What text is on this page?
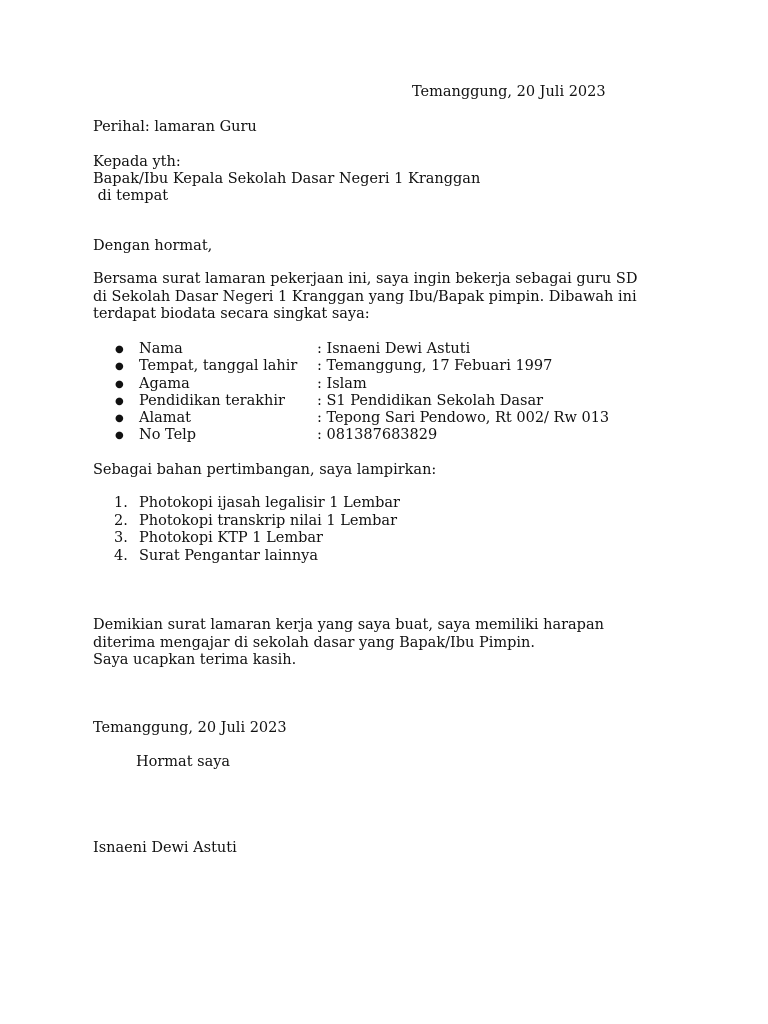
Temanggung, 20 Juli 2023
Perihal: lamaran Guru
Kepada yth:
Bapak/Ibu Kepala Sekolah Dasar Negeri 1 Kranggan
di tempat
Dengan hormat,
Bersama surat lamaran pekerjaan ini, saya ingin bekerja sebagai guru SD
di Sekolah Dasar Negeri 1 Kranggan yang Ibu/Bapak pimpin. Dibawah ini
terdapat biodata secara singkat saya:
● Nama	: Isnaeni Dewi Astuti
● Tempat, tanggal lahir : Temanggung, 17 Febuari 1997
● Agama	: Islam
● Pendidikan terakhir : S1 Pendidikan Sekolah Dasar
● Alamat	: Tepong Sari Pendowo, Rt 002/ Rw 013
● No Telp	: 081387683829
Sebagai bahan pertimbangan, saya lampirkan:
1. Photokopi ijasah legalisir 1 Lembar
2. Photokopi transkrip nilai 1 Lembar
3. Photokopi KTP 1 Lembar
4. Surat Pengantar lainnya
Demikian surat lamaran kerja yang saya buat, saya memiliki harapan
diterima mengajar di sekolah dasar yang Bapak/Ibu Pimpin.
Saya ucapkan terima kasih.
Temanggung, 20 Juli 2023
Hormat saya
Isnaeni Dewi Astuti
